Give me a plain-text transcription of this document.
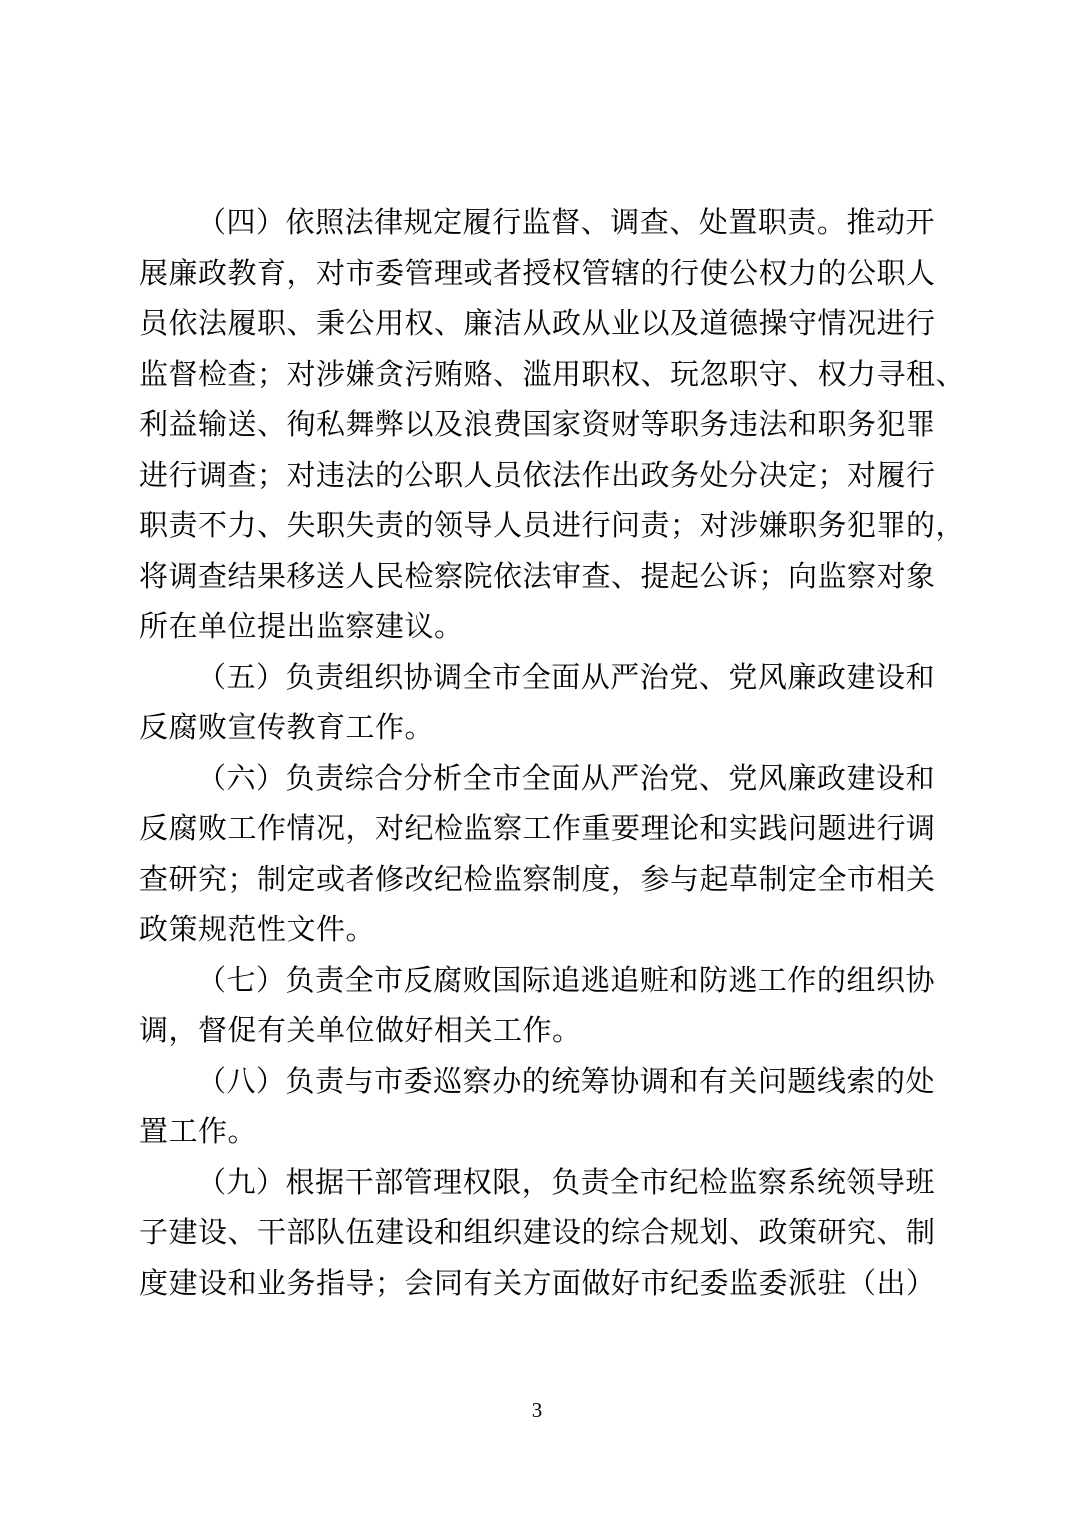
（四）依照法律规定履行监督、调查、处置职责。推动开
展廉政教育，对市委管理或者授权管辖的行使公权力的公职人
员依法履职、秉公用权、廉洁从政从业以及道德操守情况进行
监督检查；对涉嫌贪污贿赂、滥用职权、玩忽职守、权力寻租、
利益输送、徇私舞弊以及浪费国家资财等职务违法和职务犯罪
进行调查；对违法的公职人员依法作出政务处分决定；对履行
职责不力、失职失责的领导人员进行问责；对涉嫌职务犯罪的，
将调查结果移送人民检察院依法审查、提起公诉；向监察对象
所在单位提出监察建议。

（五）负责组织协调全市全面从严治党、党风廉政建设和
反腐败宣传教育工作。

（六）负责综合分析全市全面从严治党、党风廉政建设和
反腐败工作情况，对纪检监察工作重要理论和实践问题进行调
查研究；制定或者修改纪检监察制度，参与起草制定全市相关
政策规范性文件。

（七）负责全市反腐败国际追逃追赃和防逃工作的组织协
调，督促有关单位做好相关工作。

（八）负责与市委巡察办的统筹协调和有关问题线索的处
置工作。

（九）根据干部管理权限，负责全市纪检监察系统领导班
子建设、干部队伍建设和组织建设的综合规划、政策研究、制
度建设和业务指导；会同有关方面做好市纪委监委派驻（出）

3
